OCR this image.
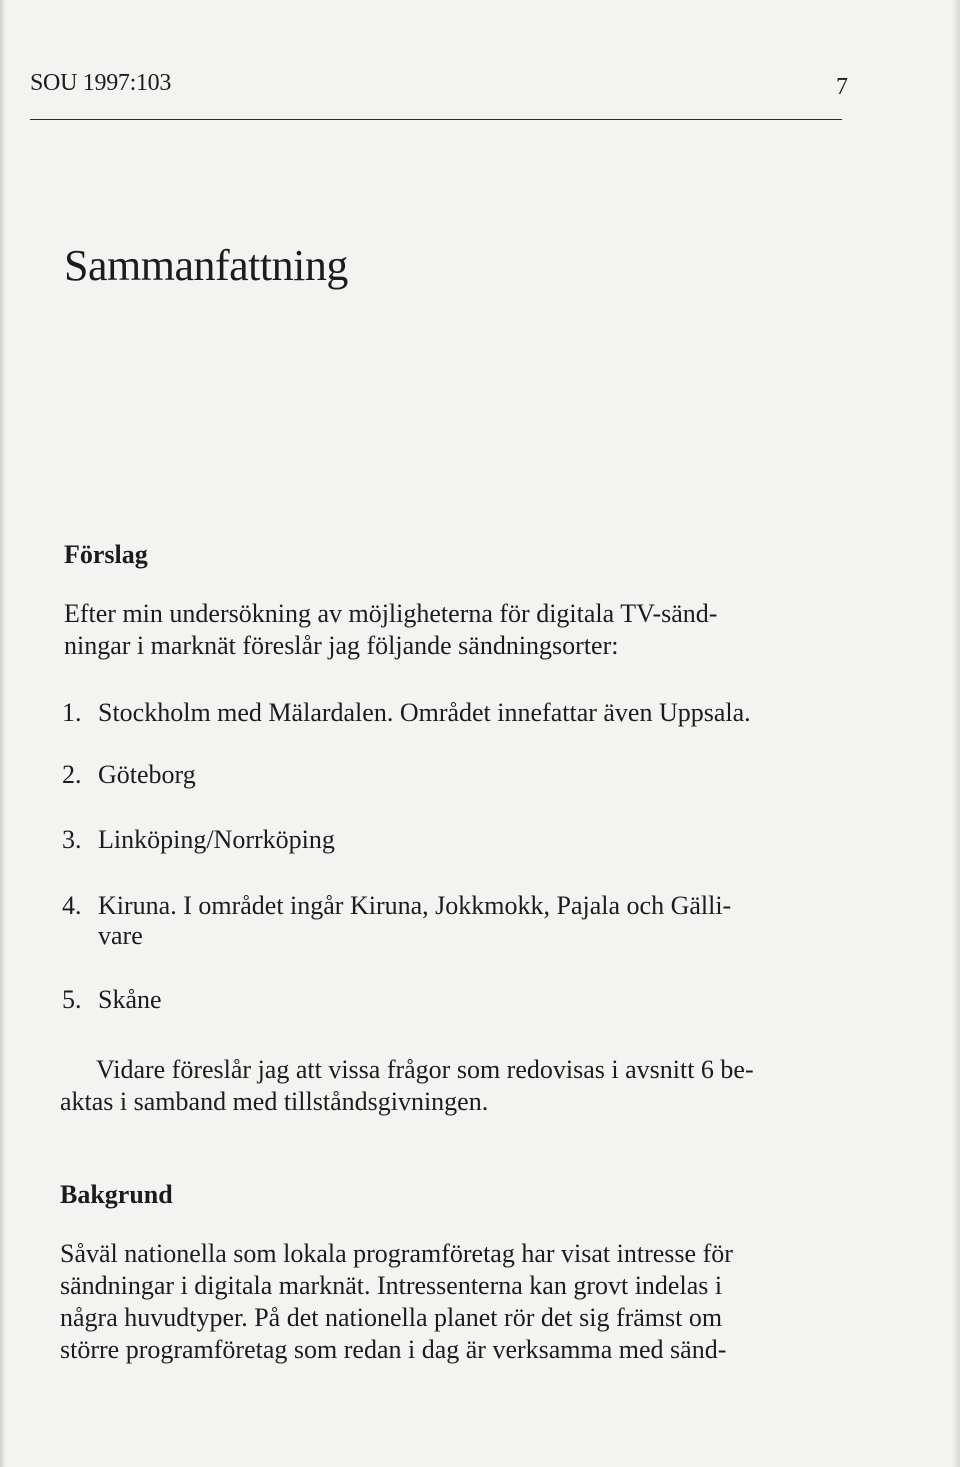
SOU 1997:103	7
Sammanfattning
Förslag
Efter min undersökning av möjligheterna för digitala TV-sänd-
ningar i marknät föreslår jag följande sändningsorter:
1. Stockholm med Mälardalen. Området innefattar även Uppsala.
2. Göteborg
3. Linköping/Norrköping
4. Kiruna. I området ingår Kiruna, Jokkmokk, Pajala och Gälli-
vare
5. Skåne
Vidare föreslår jag att vissa frågor som redovisas i avsnitt 6 be-
aktas i samband med tillståndsgivningen.
Bakgrund
Såväl nationella som lokala programföretag har visat intresse för
sändningar i digitala marknät. Intressenterna kan grovt indelas i
några huvudtyper. På det nationella planet rör det sig främst om
större programföretag som redan i dag är verksamma med sänd-
